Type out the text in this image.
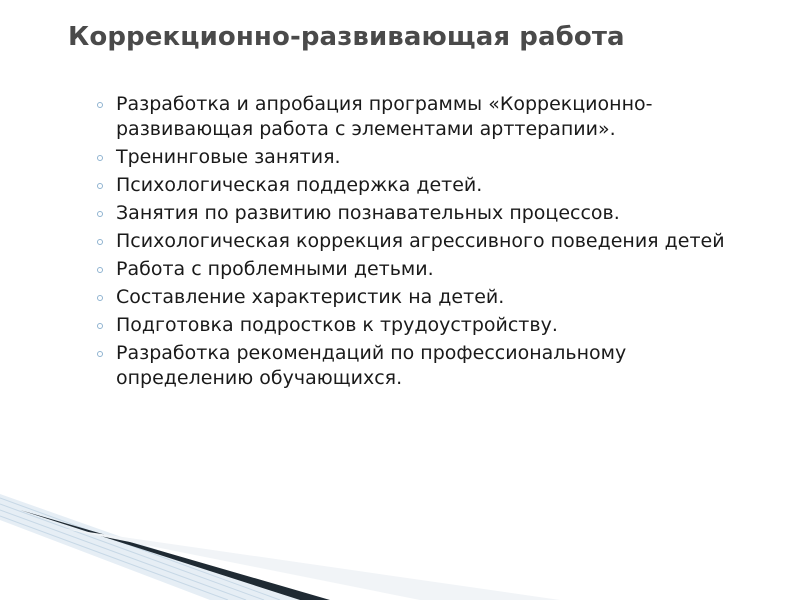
Коррекционно-развивающая работа
Разработка и апробация программы «Коррекционно-развивающая работа с элементами арттерапии».
Тренинговые занятия.
Психологическая поддержка детей.
Занятия по развитию познавательных процессов.
Психологическая коррекция агрессивного поведения детей
Работа с проблемными детьми.
Составление характеристик на детей.
Подготовка подростков к трудоустройству.
Разработка рекомендаций по профессиональному определению обучающихся.
